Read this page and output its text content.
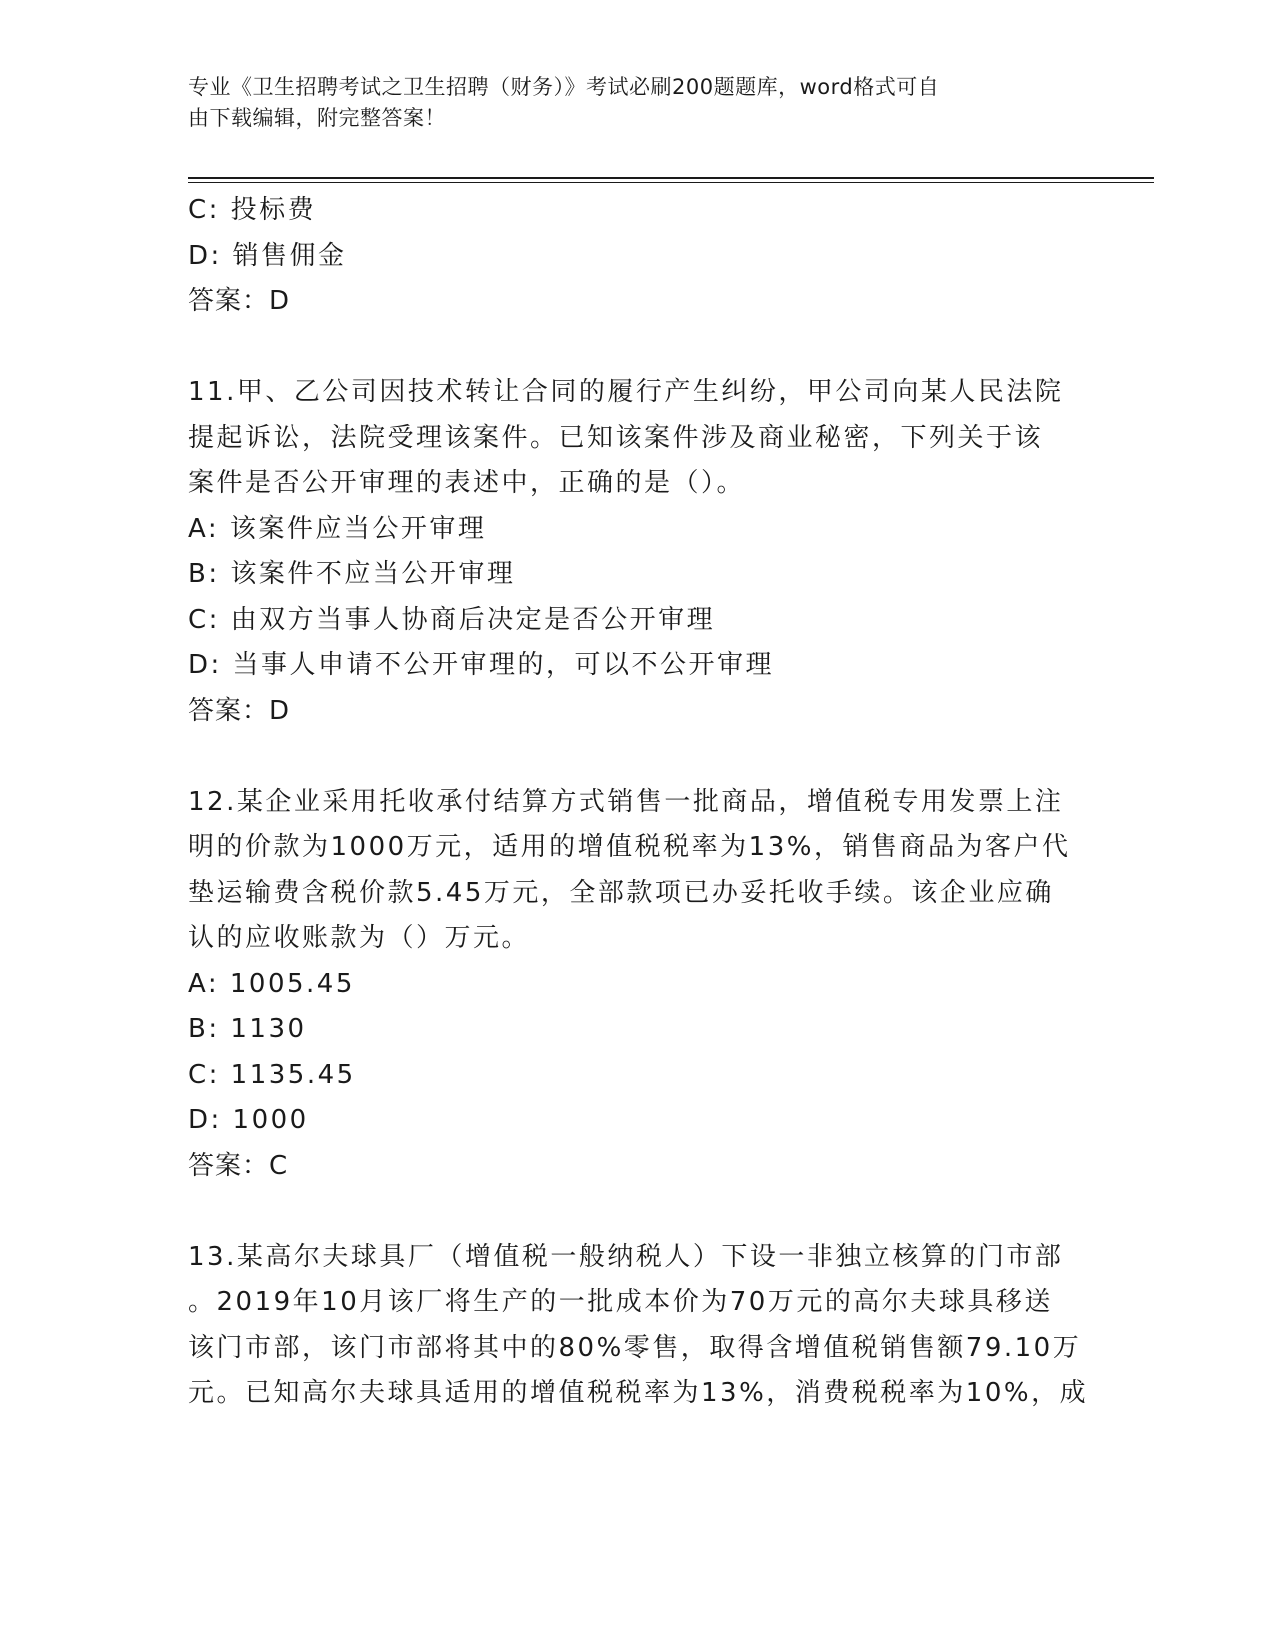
专业《卫生招聘考试之卫生招聘（财务）》考试必刷200题题库，word格式可自
由下载编辑，附完整答案！
C: 投标费
D: 销售佣金
答案：D
11.甲、乙公司因技术转让合同的履行产生纠纷，甲公司向某人民法院
提起诉讼，法院受理该案件。已知该案件涉及商业秘密，下列关于该
案件是否公开审理的表述中，正确的是（）。
A: 该案件应当公开审理
B: 该案件不应当公开审理
C: 由双方当事人协商后决定是否公开审理
D: 当事人申请不公开审理的，可以不公开审理
答案：D
12.某企业采用托收承付结算方式销售一批商品，增值税专用发票上注
明的价款为1000万元，适用的增值税税率为13%，销售商品为客户代
垫运输费含税价款5.45万元，全部款项已办妥托收手续。该企业应确
认的应收账款为（）万元。
A: 1005.45
B: 1130
C: 1135.45
D: 1000
答案：C
13.某高尔夫球具厂（增值税一般纳税人）下设一非独立核算的门市部
。2019年10月该厂将生产的一批成本价为70万元的高尔夫球具移送
该门市部，该门市部将其中的80%零售，取得含增值税销售额79.10万
元。已知高尔夫球具适用的增值税税率为13%，消费税税率为10%，成
